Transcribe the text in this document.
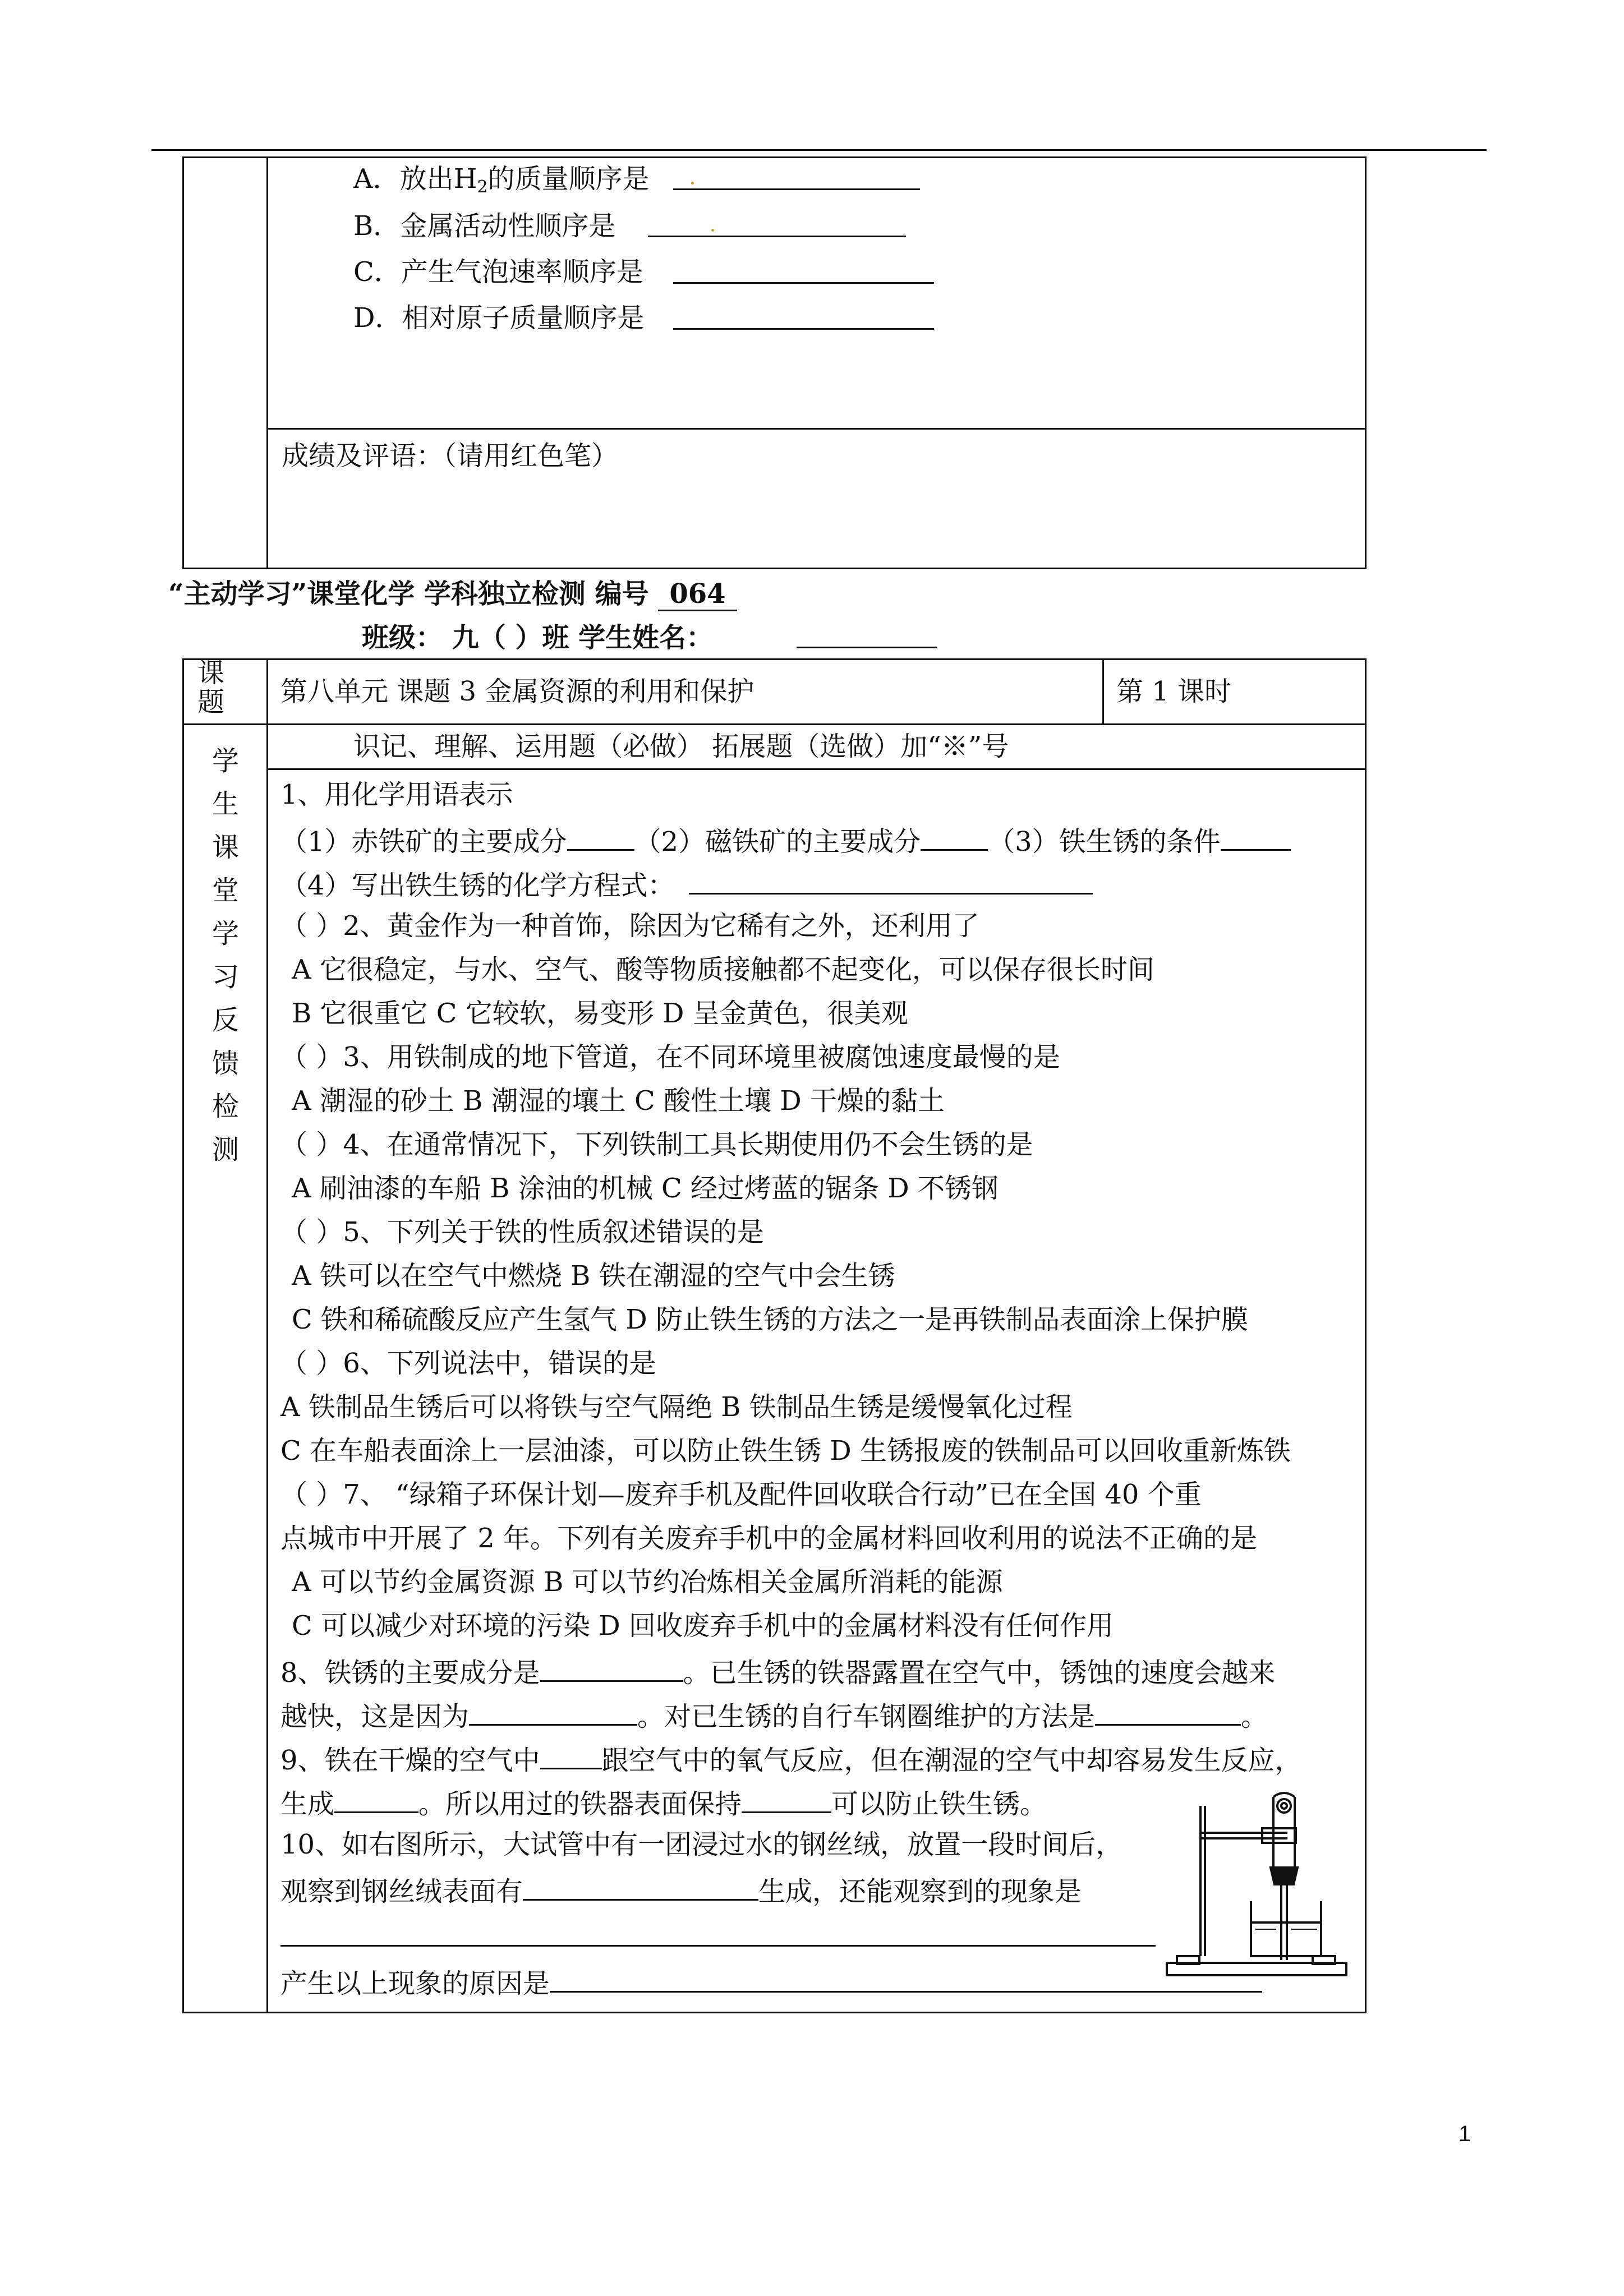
A．放出$H_2$的质量顺序是
B．金属活动性顺序是
C．产生气泡速率顺序是
D．相对原子质量顺序是
成绩及评语：（请用红色笔）
“主动学习”课堂化学 学科独立检测 编号 064
班级： 九（ ）班 学生姓名：
课题	第八单元 课题 3 金属资源的利用和保护	第 1 课时
识记、理解、运用题（必做） 拓展题（选做）加“※”号
学
生
课
堂
学
习
反
馈
检
测
1、用化学用语表示
（1）赤铁矿的主要成分	（2）磁铁矿的主要成分	（3）铁生锈的条件
（4）写出铁生锈的化学方程式：
（ ）2、黄金作为一种首饰，除因为它稀有之外，还利用了
A 它很稳定，与水、空气、酸等物质接触都不起变化，可以保存很长时间
B 它很重它 C 它较软，易变形 D 呈金黄色，很美观
（ ）3、用铁制成的地下管道，在不同环境里被腐蚀速度最慢的是
A 潮湿的砂土 B 潮湿的壤土 C 酸性土壤 D 干燥的黏土
（ ）4、在通常情况下，下列铁制工具长期使用仍不会生锈的是
A 刷油漆的车船 B 涂油的机械 C 经过烤蓝的锯条 D 不锈钢
（ ）5、下列关于铁的性质叙述错误的是
A 铁可以在空气中燃烧 B 铁在潮湿的空气中会生锈
C 铁和稀硫酸反应产生氢气 D 防止铁生锈的方法之一是再铁制品表面涂上保护膜
（ ）6、下列说法中，错误的是
A 铁制品生锈后可以将铁与空气隔绝 B 铁制品生锈是缓慢氧化过程
C 在车船表面涂上一层油漆，可以防止铁生锈 D 生锈报废的铁制品可以回收重新炼铁
（ ）7、 “绿箱子环保计划—废弃手机及配件回收联合行动”已在全国 40 个重
点城市中开展了 2 年。下列有关废弃手机中的金属材料回收利用的说法不正确的是
A 可以节约金属资源 B 可以节约冶炼相关金属所消耗的能源
C 可以减少对环境的污染 D 回收废弃手机中的金属材料没有任何作用
8、铁锈的主要成分是	。已生锈的铁器露置在空气中，锈蚀的速度会越来
越快，这是因为	。对已生锈的自行车钢圈维护的方法是	。
9、铁在干燥的空气中 跟空气中的氧气反应，但在潮湿的空气中却容易发生反应，
生成	。所以用过的铁器表面保持	可以防止铁生锈。
10、如右图所示，大试管中有一团浸过水的钢丝绒，放置一段时间后，
观察到钢丝绒表面有	生成，还能观察到的现象是
产生以上现象的原因是
1
